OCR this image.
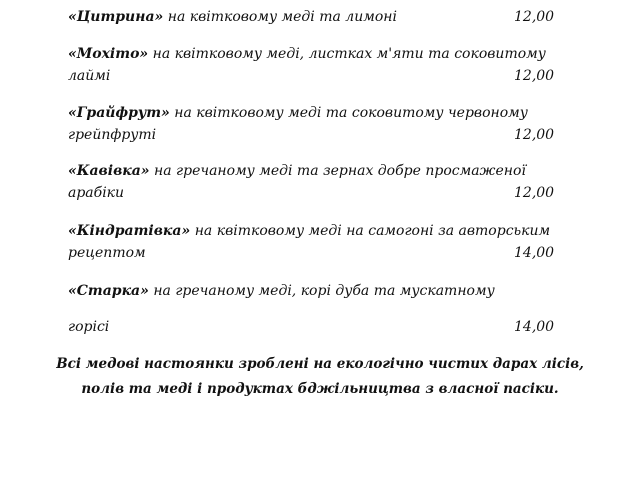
«Цитрина» на квітковому меді та лимоні	12,00
«Мохіто» на квітковому меді, листках м'яти та соковитому лаймі	12,00
«Грайфрут» на квітковому меді та соковитому червоному грейпфруті	12,00
«Кавівка» на гречаному меді та зернах добре просмаженої арабіки	12,00
«Кіндратівка» на квітковому меді на самогоні за авторським рецептом	14,00
«Старка» на гречаному меді, корі дуба та мускатному
горісі	14,00
Всі медові настоянки зроблені на екологічно чистих дарах лісів,
полів та меді і продуктах бджільництва з власної пасіки.
